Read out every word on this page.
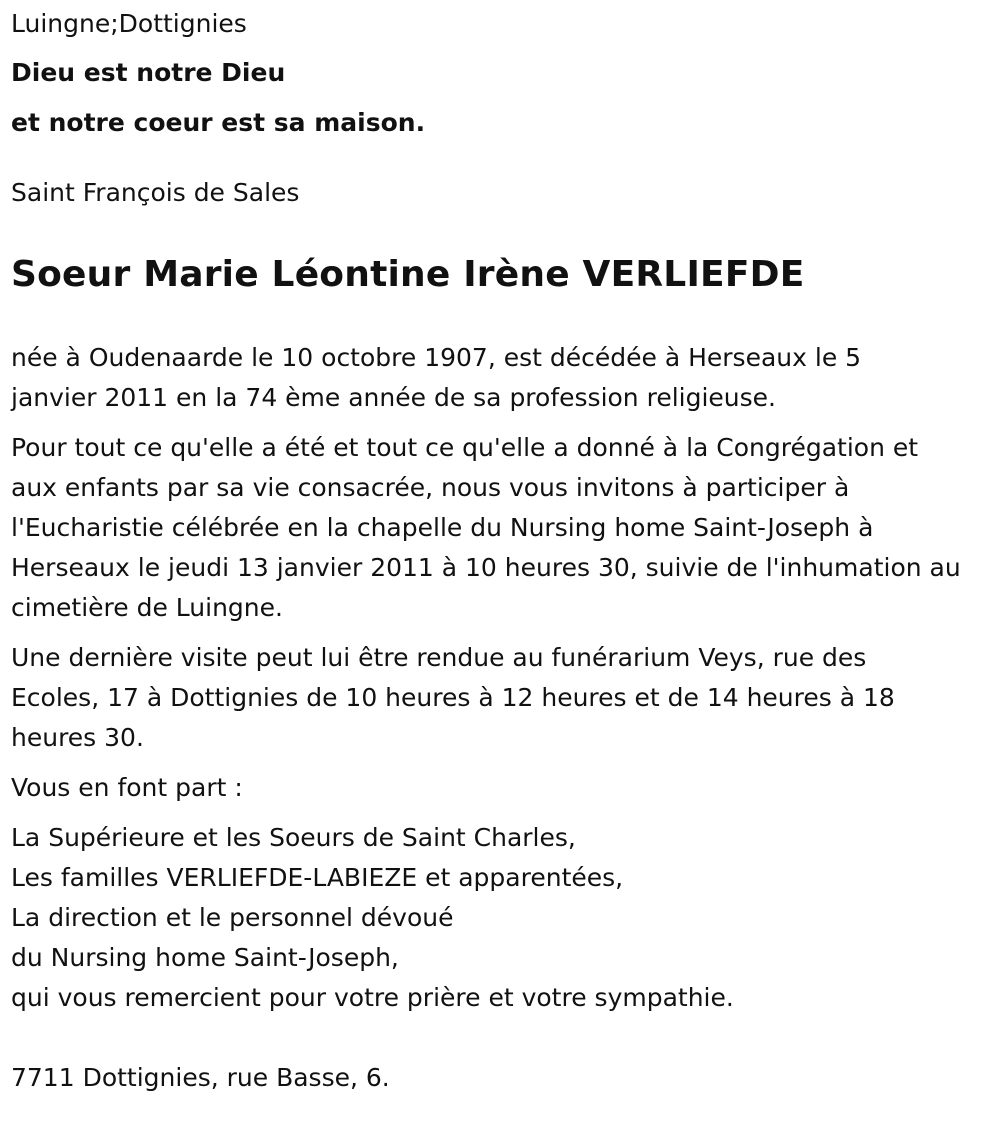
Luingne;Dottignies
Dieu est notre Dieu
et notre coeur est sa maison.
Saint François de Sales
Soeur Marie Léontine Irène VERLIEFDE
née à Oudenaarde le 10 octobre 1907, est décédée à Herseaux le 5
janvier 2011 en la 74 ème année de sa profession religieuse.
Pour tout ce qu'elle a été et tout ce qu'elle a donné à la Congrégation et
aux enfants par sa vie consacrée, nous vous invitons à participer à
l'Eucharistie célébrée en la chapelle du Nursing home Saint-Joseph à
Herseaux le jeudi 13 janvier 2011 à 10 heures 30, suivie de l'inhumation au
cimetière de Luingne.
Une dernière visite peut lui être rendue au funérarium Veys, rue des
Ecoles, 17 à Dottignies de 10 heures à 12 heures et de 14 heures à 18
heures 30.
Vous en font part :
La Supérieure et les Soeurs de Saint Charles,
Les familles VERLIEFDE-LABIEZE et apparentées,
La direction et le personnel dévoué
du Nursing home Saint-Joseph,
qui vous remercient pour votre prière et votre sympathie.
7711 Dottignies, rue Basse, 6.
